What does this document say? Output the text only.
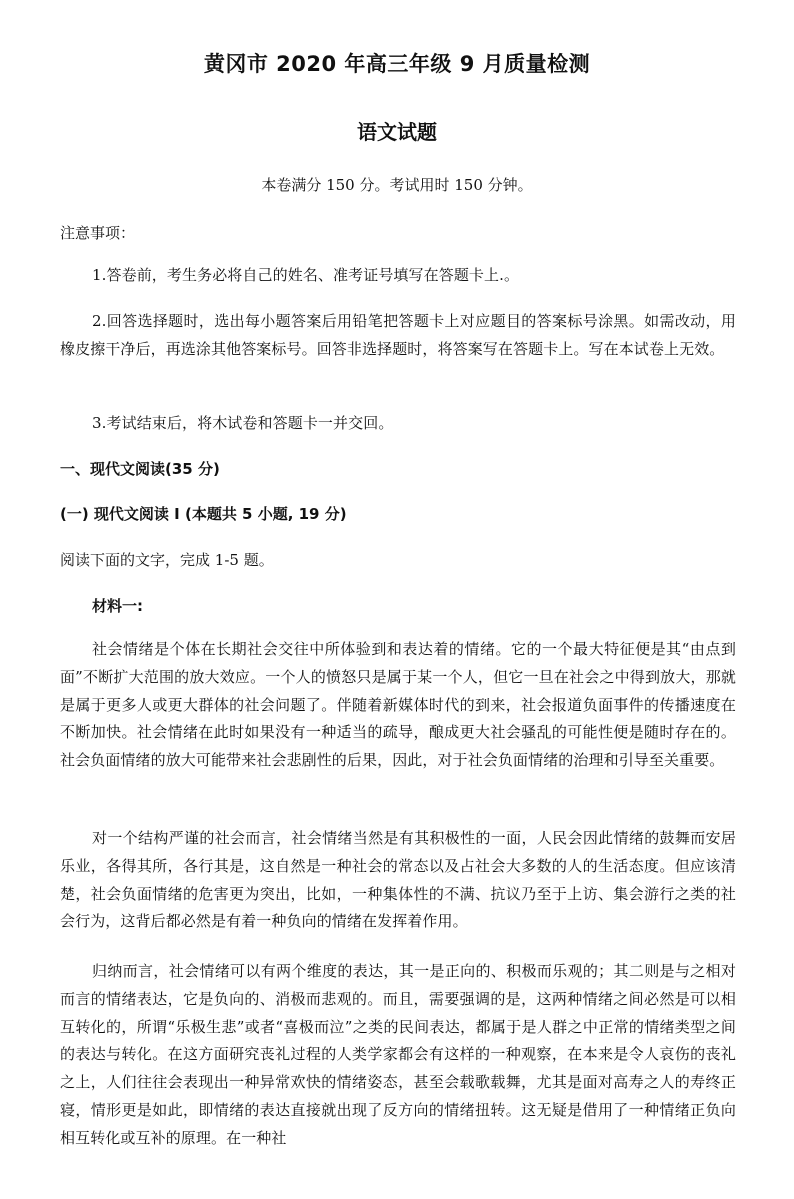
黄冈市 2020 年高三年级 9 月质量检测
语文试题
本卷满分 150 分。考试用时 150 分钟。
注意事项：

1.答卷前，考生务必将自己的姓名、准考证号填写在答题卡上.。

2.回答选择题时，选出每小题答案后用铅笔把答题卡上对应题目的答案标号涂黑。如需改动，用橡皮擦干净后，再选涂其他答案标号。回答非选择题时，将答案写在答题卡上。写在本试卷上无效。

3.考试结束后，将木试卷和答题卡一并交回。

一、现代文阅读(35 分)
(一) 现代文阅读 I (本题共 5 小题, 19 分)
阅读下面的文字，完成 1-5 题。
材料一:

社会情绪是个体在长期社会交往中所体验到和表达着的情绪。它的一个最大特征便是其“由点到面”不断扩大范围的放大效应。一个人的愤怒只是属于某一个人，但它一旦在社会之中得到放大，那就是属于更多人或更大群体的社会问题了。伴随着新媒体时代的到来，社会报道负面事件的传播速度在不断加快。社会情绪在此时如果没有一种适当的疏导，酿成更大社会骚乱的可能性便是随时存在的。社会负面情绪的放大可能带来社会悲剧性的后果，因此，对于社会负面情绪的治理和引导至关重要。

对一个结构严谨的社会而言，社会情绪当然是有其积极性的一面，人民会因此情绪的鼓舞而安居乐业，各得其所，各行其是，这自然是一种社会的常态以及占社会大多数的人的生活态度。但应该清楚，社会负面情绪的危害更为突出，比如，一种集体性的不满、抗议乃至于上访、集会游行之类的社会行为，这背后都必然是有着一种负向的情绪在发挥着作用。

归纳而言，社会情绪可以有两个维度的表达，其一是正向的、积极而乐观的；其二则是与之相对而言的情绪表达，它是负向的、消极而悲观的。而且，需要强调的是，这两种情绪之间必然是可以相互转化的，所谓“乐极生悲”或者“喜极而泣”之类的民间表达，都属于是人群之中正常的情绪类型之间的表达与转化。在这方面研究丧礼过程的人类学家都会有这样的一种观察，在本来是令人哀伤的丧礼之上，人们往往会表现出一种异常欢快的情绪姿态，甚至会载歌载舞，尤其是面对高寿之人的寿终正寝，情形更是如此，即情绪的表达直接就出现了反方向的情绪扭转。这无疑是借用了一种情绪正负向相互转化或互补的原理。在一种社
